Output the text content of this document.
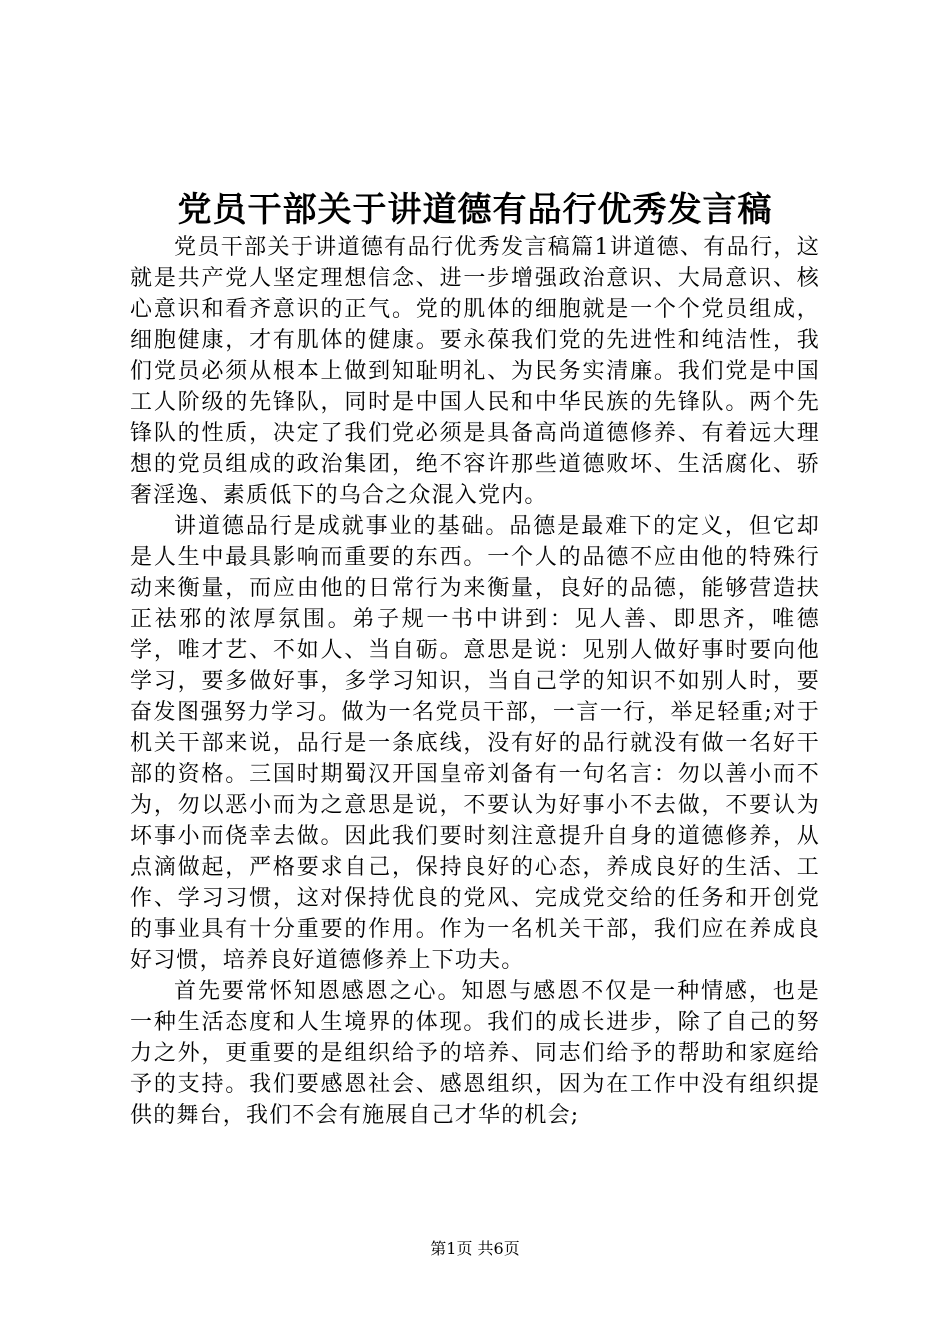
党员干部关于讲道德有品行优秀发言稿

党员干部关于讲道德有品行优秀发言稿篇1讲道德、有品行，这就是共产党人坚定理想信念、进一步增强政治意识、大局意识、核心意识和看齐意识的正气。党的肌体的细胞就是一个个党员组成，细胞健康，才有肌体的健康。要永葆我们党的先进性和纯洁性，我们党员必须从根本上做到知耻明礼、为民务实清廉。我们党是中国工人阶级的先锋队，同时是中国人民和中华民族的先锋队。两个先锋队的性质，决定了我们党必须是具备高尚道德修养、有着远大理想的党员组成的政治集团，绝不容许那些道德败坏、生活腐化、骄奢淫逸、素质低下的乌合之众混入党内。

讲道德品行是成就事业的基础。品德是最难下的定义，但它却是人生中最具影响而重要的东西。一个人的品德不应由他的特殊行动来衡量，而应由他的日常行为来衡量，良好的品德，能够营造扶正祛邪的浓厚氛围。弟子规一书中讲到：见人善、即思齐，唯德学，唯才艺、不如人、当自砺。意思是说：见别人做好事时要向他学习，要多做好事，多学习知识，当自己学的知识不如别人时，要奋发图强努力学习。做为一名党员干部，一言一行，举足轻重;对于机关干部来说，品行是一条底线，没有好的品行就没有做一名好干部的资格。三国时期蜀汉开国皇帝刘备有一句名言：勿以善小而不为，勿以恶小而为之意思是说，不要认为好事小不去做，不要认为坏事小而侥幸去做。因此我们要时刻注意提升自身的道德修养，从点滴做起，严格要求自己，保持良好的心态，养成良好的生活、工作、学习习惯，这对保持优良的党风、完成党交给的任务和开创党的事业具有十分重要的作用。作为一名机关干部，我们应在养成良好习惯，培养良好道德修养上下功夫。

首先要常怀知恩感恩之心。知恩与感恩不仅是一种情感，也是一种生活态度和人生境界的体现。我们的成长进步，除了自己的努力之外，更重要的是组织给予的培养、同志们给予的帮助和家庭给予的支持。我们要感恩社会、感恩组织，因为在工作中没有组织提供的舞台，我们不会有施展自己才华的机会;

第1页 共6页
